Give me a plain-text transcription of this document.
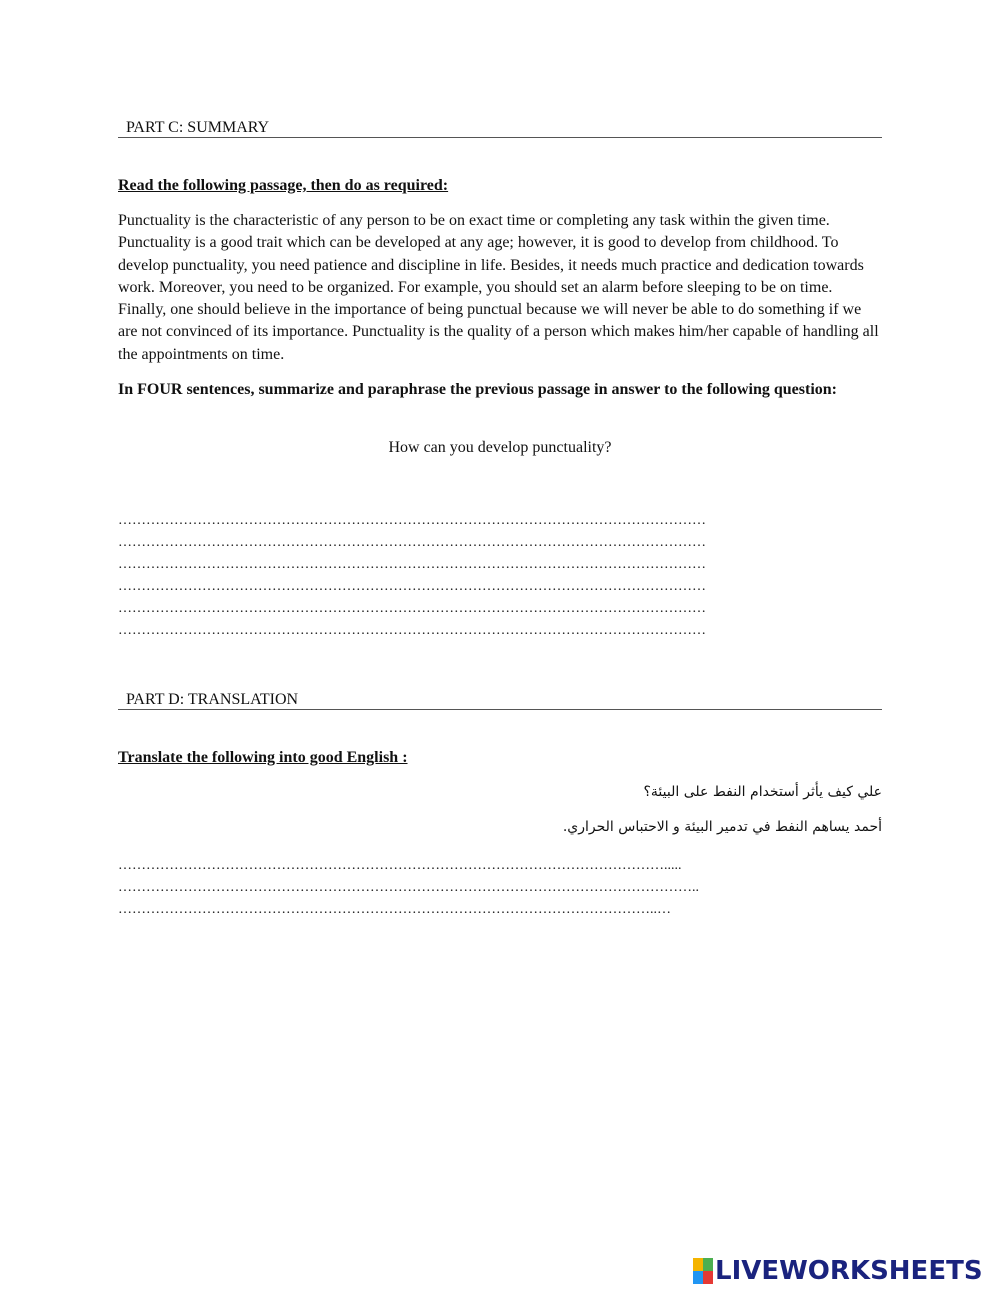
PART C: SUMMARY
Read the following passage, then do as required:

Punctuality is the characteristic of any person to be on exact time or completing any task within the given time. Punctuality is a good trait which can be developed at any age; however, it is good to develop from childhood. To develop punctuality, you need patience and discipline in life. Besides, it needs much practice and dedication towards work. Moreover, you need to be organized. For example, you should set an alarm before sleeping to be on time. Finally, one should believe in the importance of being punctual because we will never be able to do something if we are not convinced of its importance. Punctuality is the quality of a person which makes him/her capable of handling all the appointments on time.

In FOUR sentences, summarize and paraphrase the previous passage in answer to the following question:

How can you develop punctuality?
………………………………………………………………………………………………………………
………………………………………………………………………………………………………………
………………………………………………………………………………………………………………
………………………………………………………………………………………………………………
………………………………………………………………………………………………………………
………………………………………………………………………………………………………………
PART D: TRANSLATION
Translate the following into good English :
علي كيف يأثر أستخدام النفط على البيئة؟
أحمد يساهم النفط في تدمير البيئة و الاحتباس الحراري.
……………………………………………………………………………………………………….....
……………………………………………………………………………………………………………..
……………………………………………………………………………………………………..…
LIVEWORKSHEETS
